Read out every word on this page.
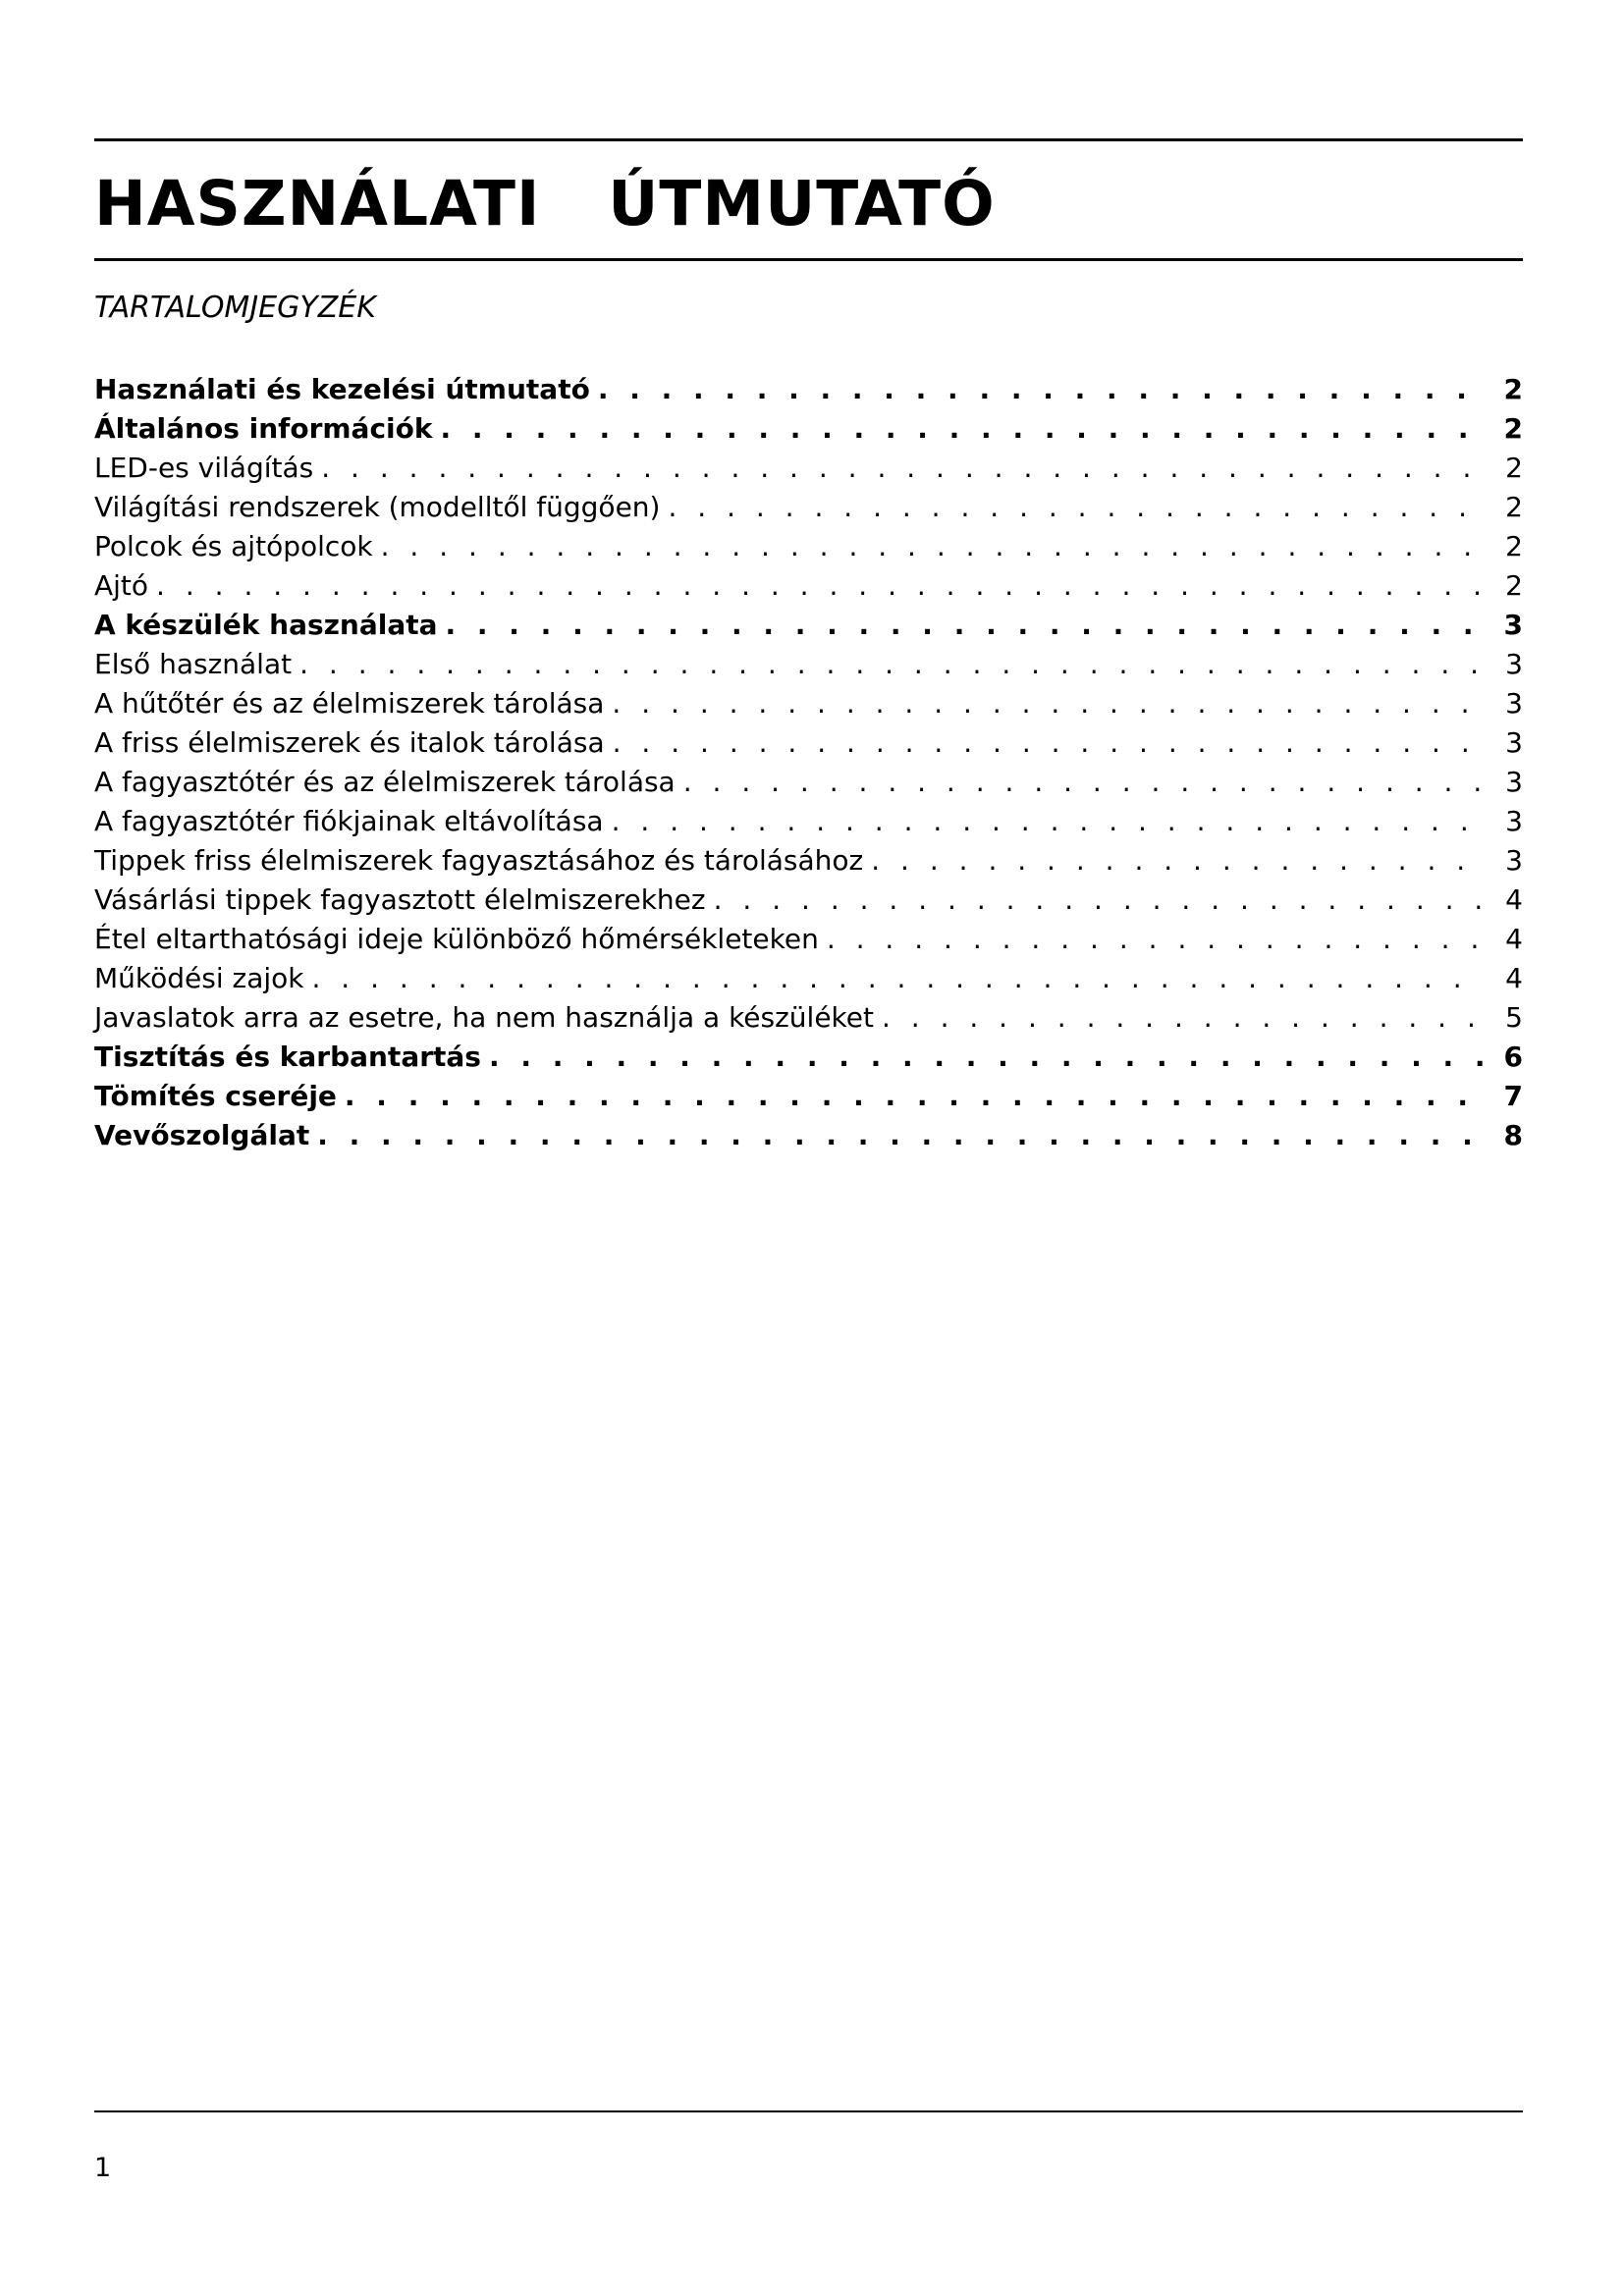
HASZNÁLATI   ÚTMUTATÓ
TARTALOMJEGYZÉK
Használati és kezelési útmutató . . .	2
Általános információk . . .	2
LED-es világítás . . .	2
Világítási rendszerek (modelltől függően) . . .	2
Polcok és ajtópolcok . . .	2
Ajtó . . .	2
A készülék használata . . .	3
Első használat . . .	3
A hűtőtér és az élelmiszerek tárolása . . .	3
A friss élelmiszerek és italok tárolása . . .	3
A fagyasztótér és az élelmiszerek tárolása . . .	3
A fagyasztótér fiókjainak eltávolítása . . .	3
Tippek friss élelmiszerek fagyasztásához és tárolásához . . .	3
Vásárlási tippek fagyasztott élelmiszerekhez . . .	4
Étel eltarthatósági ideje különböző hőmérsékleteken . . .	4
Működési zajok . . .	4
Javaslatok arra az esetre, ha nem használja a készüléket . . .	5
Tisztítás és karbantartás . . .	6
Tömítés cseréje . . .	7
Vevőszolgálat . . .	8
1
